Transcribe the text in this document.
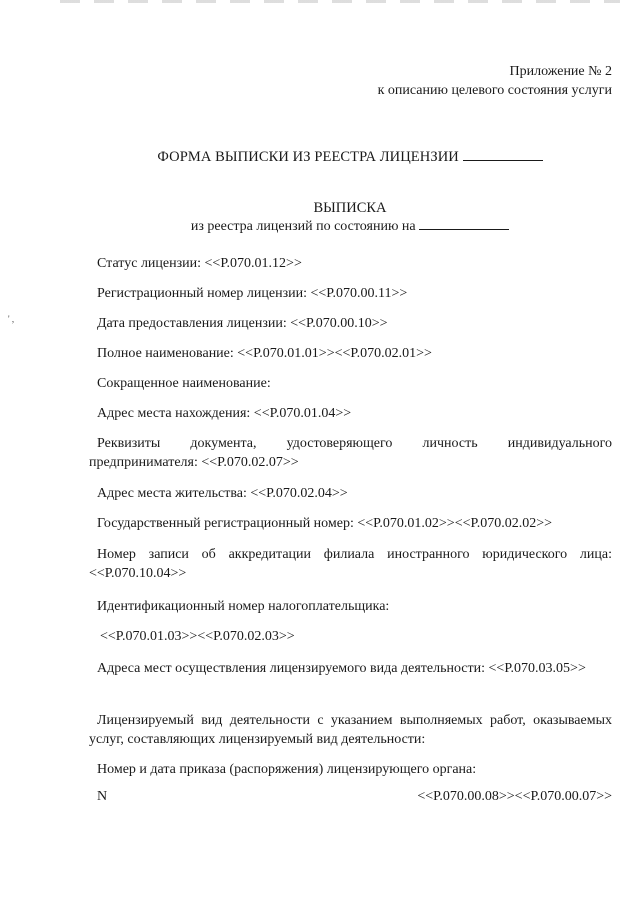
' ,
Приложение № 2
к описанию целевого состояния услуги
ФОРМА ВЫПИСКИ ИЗ РЕЕСТРА ЛИЦЕНЗИИ
ВЫПИСКА
из реестра лицензий по состоянию на
Статус лицензии: <<P.070.01.12>>
Регистрационный номер лицензии: <<P.070.00.11>>
Дата предоставления лицензии: <<P.070.00.10>>
Полное наименование: <<P.070.01.01>><<P.070.02.01>>
Сокращенное наименование:
Адрес места нахождения: <<P.070.01.04>>
Реквизиты документа, удостоверяющего личность индивидуального предпринимателя: <<P.070.02.07>>
Адрес места жительства: <<P.070.02.04>>
Государственный регистрационный номер: <<P.070.01.02>><<P.070.02.02>>
Номер записи об аккредитации филиала иностранного юридического лица: <<P.070.10.04>>
Идентификационный номер налогоплательщика:
<<P.070.01.03>><<P.070.02.03>>
Адреса мест осуществления лицензируемого вида деятельности: <<P.070.03.05>>
Лицензируемый вид деятельности с указанием выполняемых работ, оказываемых услуг, составляющих лицензируемый вид деятельности:
Номер и дата приказа (распоряжения) лицензирующего органа:
N	<<P.070.00.08>><<P.070.00.07>>
